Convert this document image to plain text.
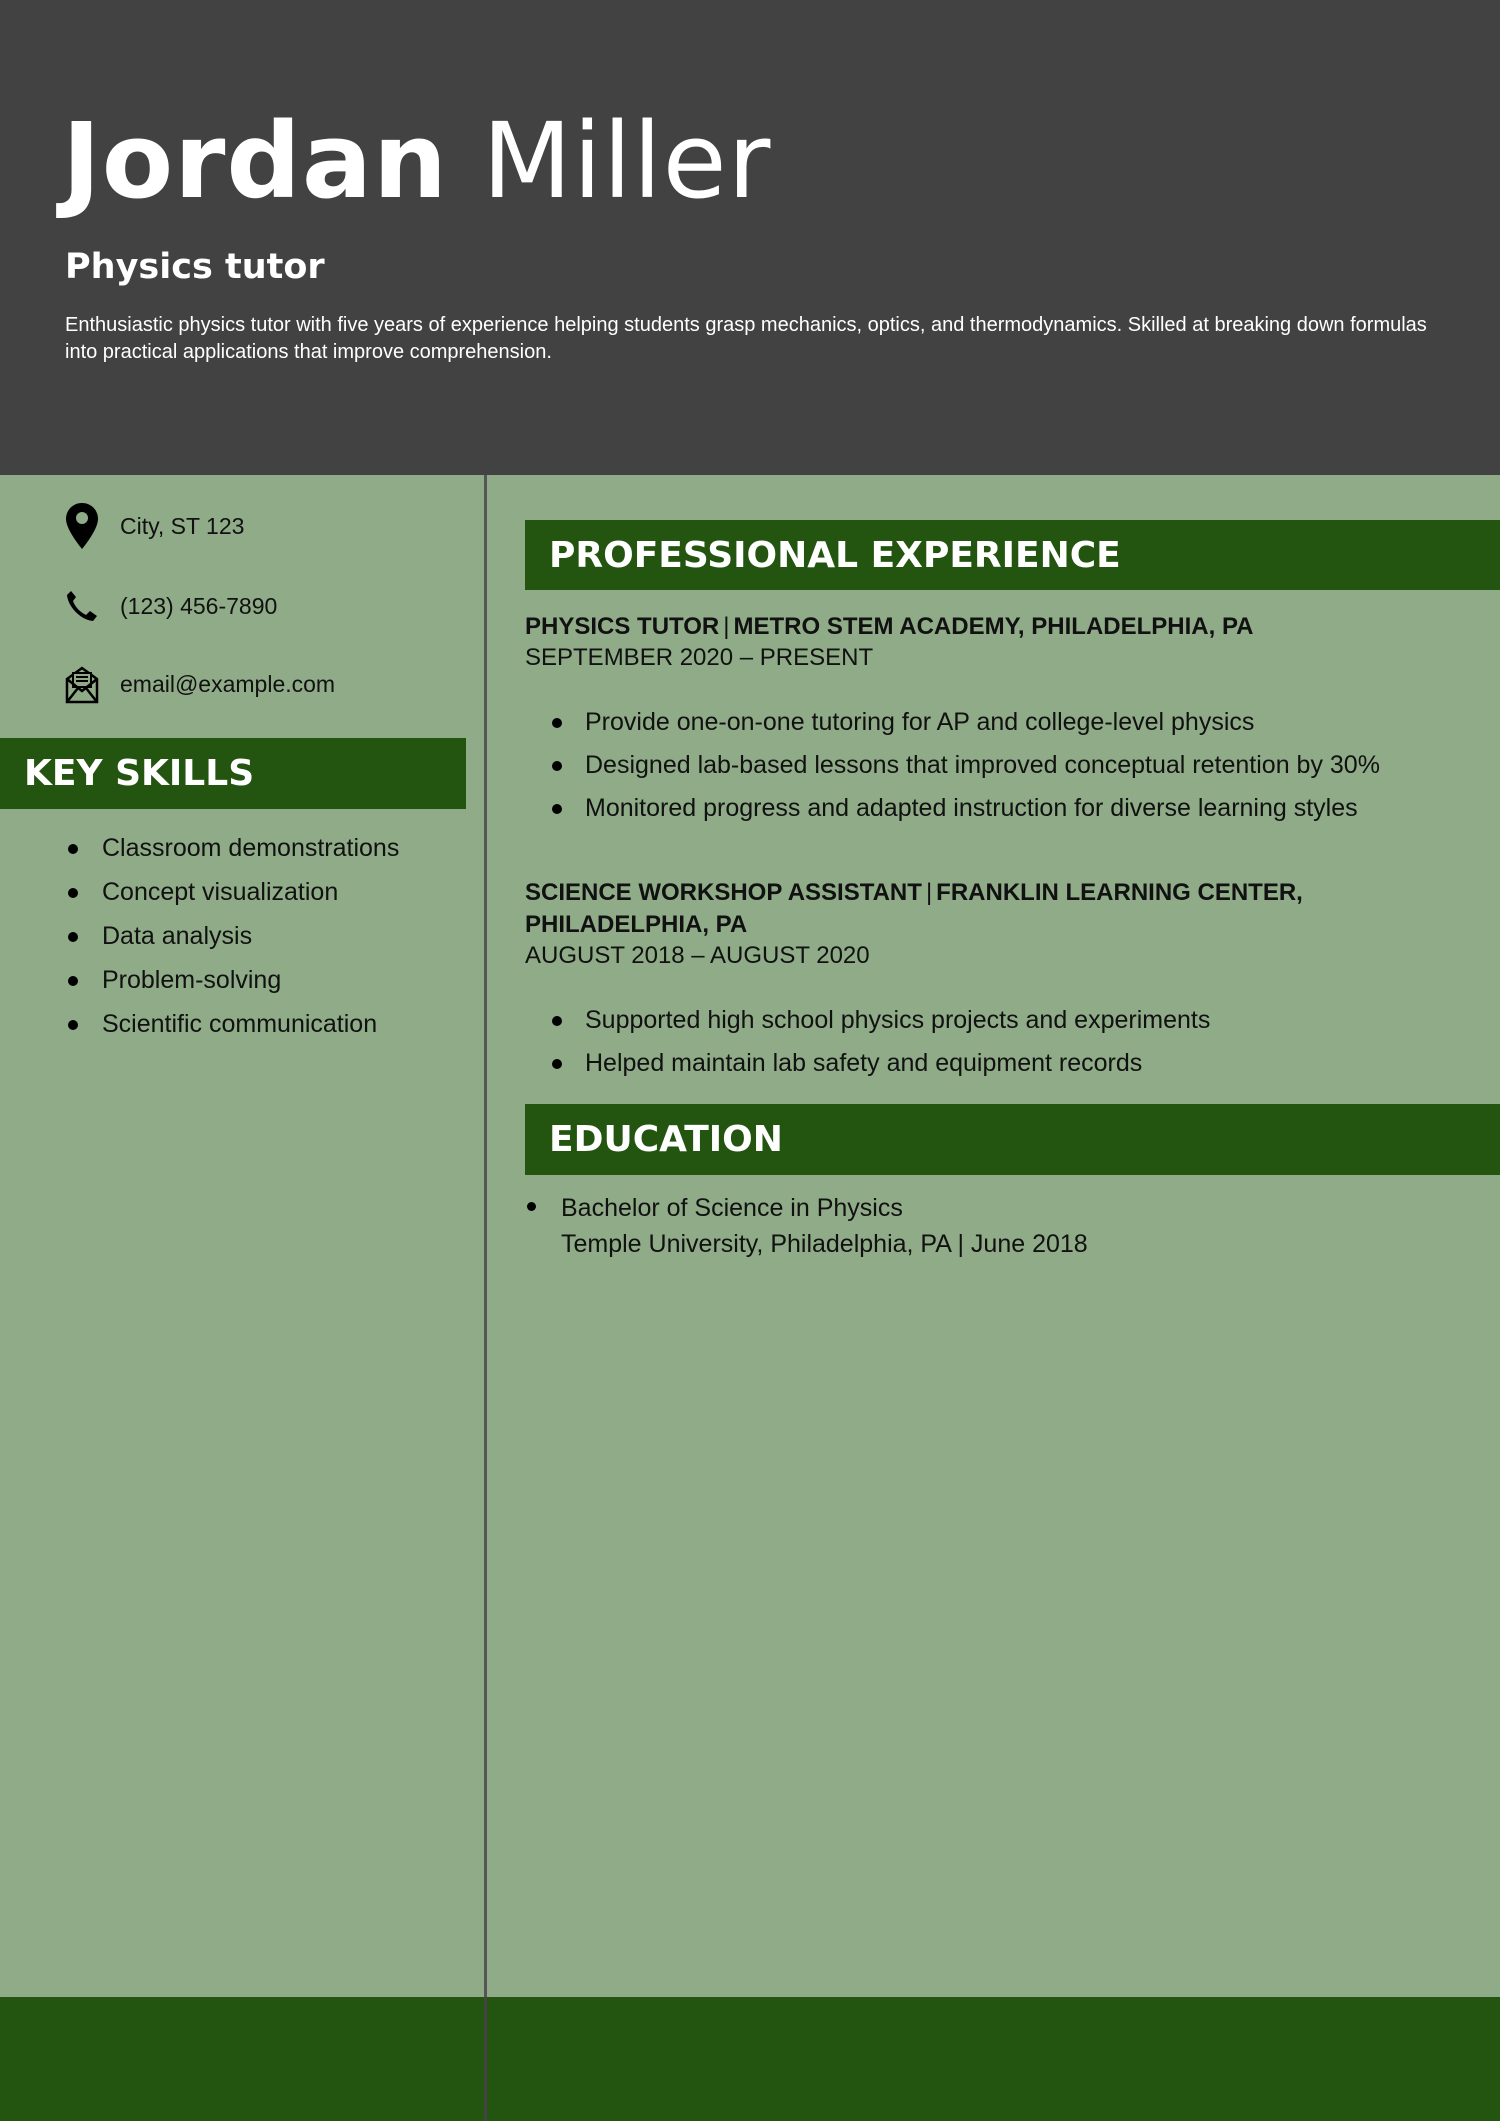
Jordan Miller
Physics tutor
Enthusiastic physics tutor with five years of experience helping students grasp mechanics, optics, and thermodynamics. Skilled at breaking down formulas into practical applications that improve comprehension.
City, ST 123
(123) 456-7890
email@example.com
KEY SKILLS
Classroom demonstrations
Concept visualization
Data analysis
Problem-solving
Scientific communication
PROFESSIONAL EXPERIENCE
PHYSICS TUTOR | METRO STEM ACADEMY, PHILADELPHIA, PA
SEPTEMBER 2020 – PRESENT
Provide one-on-one tutoring for AP and college-level physics
Designed lab-based lessons that improved conceptual retention by 30%
Monitored progress and adapted instruction for diverse learning styles
SCIENCE WORKSHOP ASSISTANT | FRANKLIN LEARNING CENTER, PHILADELPHIA, PA
AUGUST 2018 – AUGUST 2020
Supported high school physics projects and experiments
Helped maintain lab safety and equipment records
EDUCATION
Bachelor of Science in Physics
Temple University, Philadelphia, PA | June 2018
